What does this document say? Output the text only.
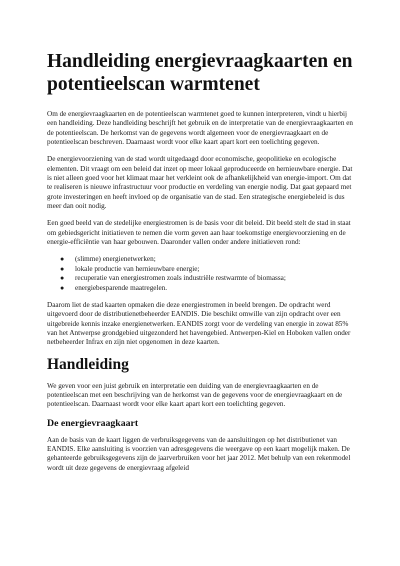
Handleiding energievraagkaarten en potentieelscan warmtenet

Om de energievraagkaarten en de potentieelscan warmtenet goed te kunnen interpreteren, vindt u hierbij een handleiding. Deze handleiding beschrijft het gebruik en de interpretatie van de energievraagkaarten en de potentieelscan. De herkomst van de gegevens wordt algemeen voor de energievraagkaart en de potentieelscan beschreven. Daarnaast wordt voor elke kaart apart kort een toelichting gegeven.

De energievoorziening van de stad wordt uitgedaagd door economische, geopolitieke en ecologische elementen. Dit vraagt om een beleid dat inzet op meer lokaal geproduceerde en hernieuwbare energie. Dat is niet alleen goed voor het klimaat maar het verkleint ook de afhankelijkheid van energie-import. Om dat te realiseren is nieuwe infrastructuur voor productie en verdeling van energie nodig. Dat gaat gepaard met grote investeringen en heeft invloed op de organisatie van de stad. Een strategische energiebeleid is dus meer dan ooit nodig.

Een goed beeld van de stedelijke energiestromen is de basis voor dit beleid. Dit beeld stelt de stad in staat om gebiedsgericht initiatieven te nemen die vorm geven aan haar toekomstige energievoorziening en de energie-efficiëntie van haar gebouwen. Daaronder vallen onder andere initiatieven rond:

●	(slimme) energienetwerken;
●	lokale productie van hernieuwbare energie;
●	recuperatie van energiestromen zoals industriële restwarmte of biomassa;
●	energiebesparende maatregelen.

Daarom liet de stad kaarten opmaken die deze energiestromen in beeld brengen. De opdracht werd uitgevoerd door de distributienetbeheerder EANDIS. Die beschikt omwille van zijn opdracht over een uitgebreide kennis inzake energienetwerken. EANDIS zorgt voor de verdeling van energie in zowat 85% van het Antwerpse grondgebied uitgezonderd het havengebied. Antwerpen-Kiel en Hoboken vallen onder netbeheerder Infrax en zijn niet opgenomen in deze kaarten.

Handleiding

We geven voor een juist gebruik en interpretatie een duiding van de energievraagkaarten en de potentieelscan met een beschrijving van de herkomst van de gegevens voor de energievraagkaart en de potentieelscan. Daarnaast wordt voor elke kaart apart kort een toelichting gegeven.

De energievraagkaart

Aan de basis van de kaart liggen de verbruiksgegevens van de aansluitingen op het distributienet van EANDIS. Elke aansluiting is voorzien van adresgegevens die weergave op een kaart mogelijk maken. De gehanteerde gebruiksgegevens zijn de jaarverbruiken voor het jaar 2012. Met behulp van een rekenmodel wordt uit deze gegevens de energievraag afgeleid
